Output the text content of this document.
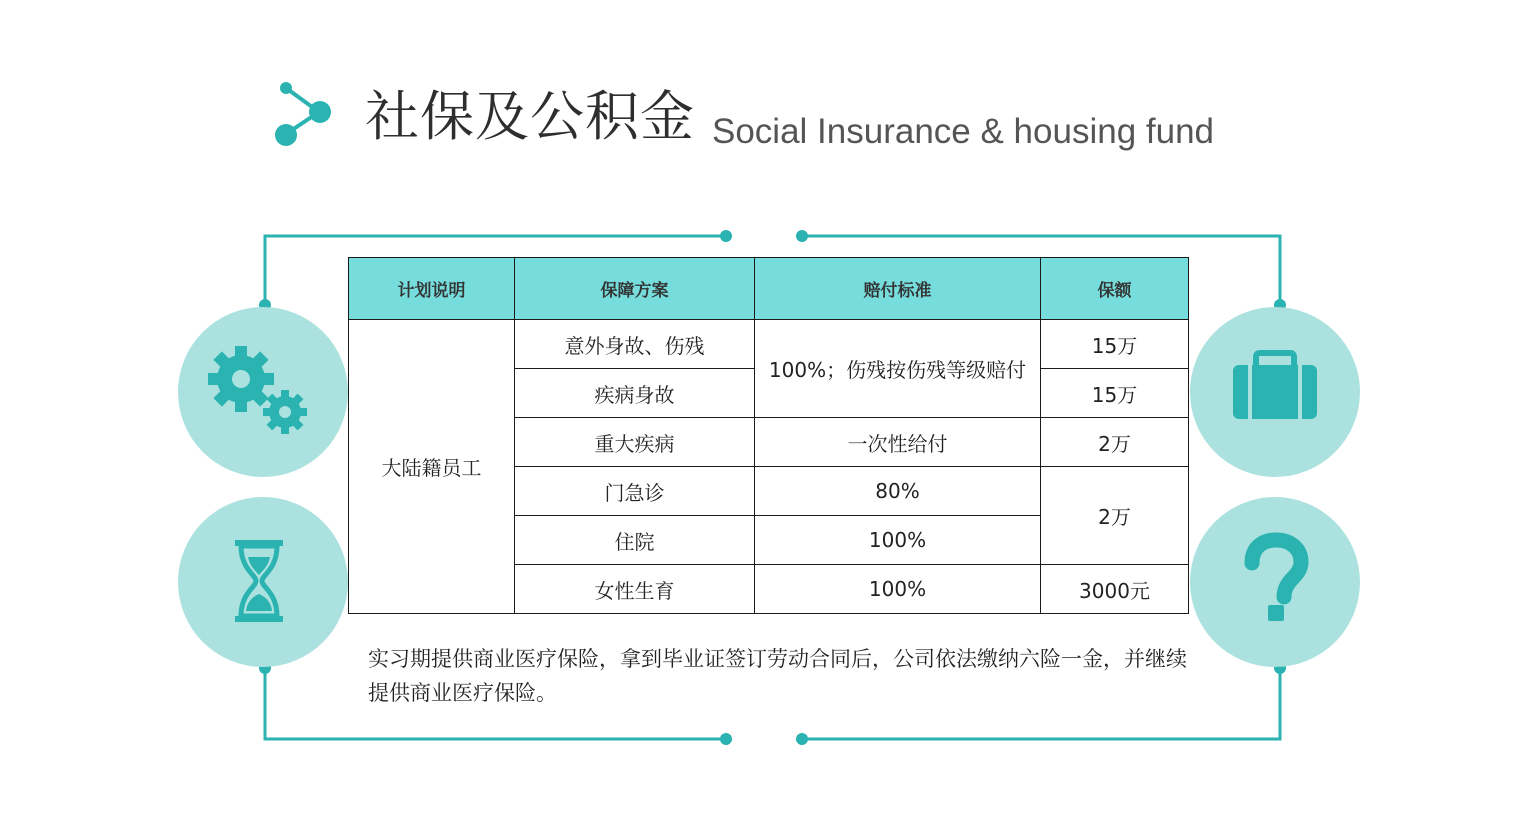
社保及公积金 Social Insurance & housing fund
计划说明	保障方案	赔付标准	保额
大陆籍员工	意外身故、伤残	100%；伤残按伤残等级赔付	15万
	疾病身故		15万
	重大疾病	一次性给付	2万
	门急诊	80%	2万
	住院	100%	
	女性生育	100%	3000元
实习期提供商业医疗保险，拿到毕业证签订劳动合同后，公司依法缴纳六险一金，并继续提供商业医疗保险。
